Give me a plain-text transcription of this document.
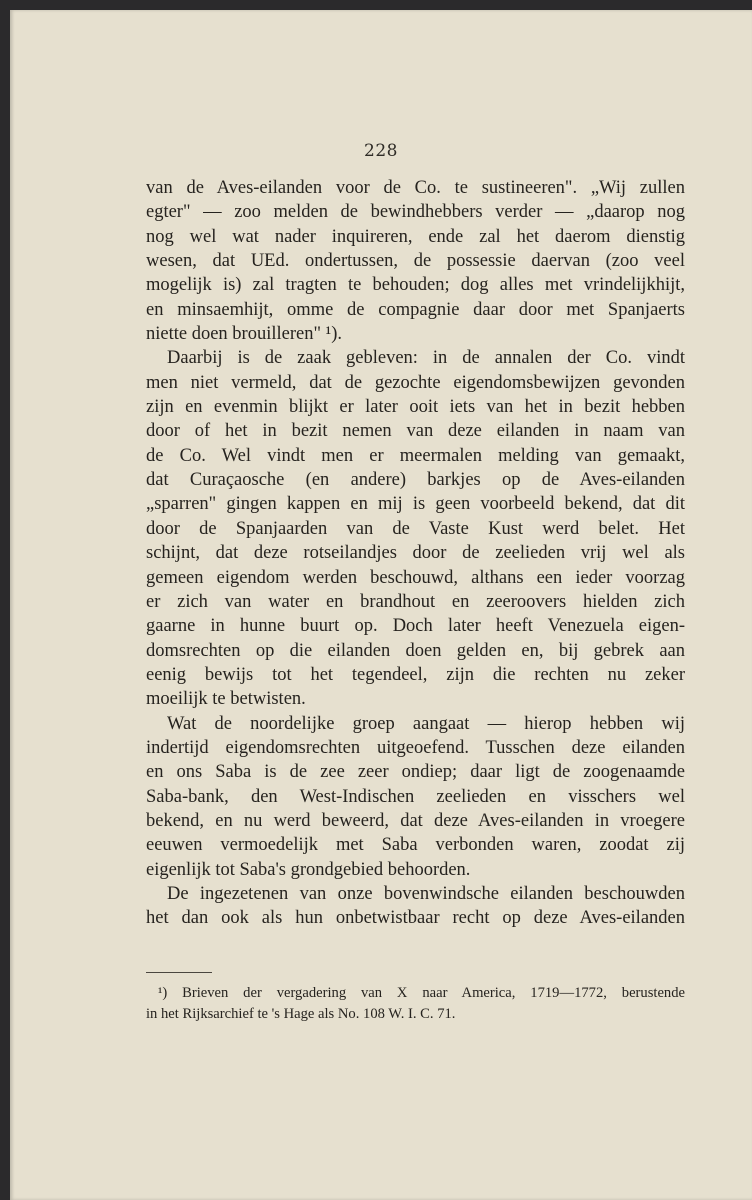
228
van de Aves-eilanden voor de Co. te sustineeren". „Wij zullen
egter" — zoo melden de bewindhebbers verder — „daarop nog
nog wel wat nader inquireren, ende zal het daerom dienstig
wesen, dat UEd. ondertussen, de possessie daervan (zoo veel
mogelijk is) zal tragten te behouden; dog alles met vrindelijkhijt,
en minsaemhijt, omme de compagnie daar door met Spanjaerts
niette doen brouilleren" ¹).
Daarbij is de zaak gebleven: in de annalen der Co. vindt
men niet vermeld, dat de gezochte eigendomsbewijzen gevonden
zijn en evenmin blijkt er later ooit iets van het in bezit hebben
door of het in bezit nemen van deze eilanden in naam van
de Co. Wel vindt men er meermalen melding van gemaakt,
dat Curaçaosche (en andere) barkjes op de Aves-eilanden
„sparren" gingen kappen en mij is geen voorbeeld bekend, dat dit
door de Spanjaarden van de Vaste Kust werd belet. Het
schijnt, dat deze rotseilandjes door de zeelieden vrij wel als
gemeen eigendom werden beschouwd, althans een ieder voorzag
er zich van water en brandhout en zeeroovers hielden zich
gaarne in hunne buurt op. Doch later heeft Venezuela eigen-
domsrechten op die eilanden doen gelden en, bij gebrek aan
eenig bewijs tot het tegendeel, zijn die rechten nu zeker
moeilijk te betwisten.
Wat de noordelijke groep aangaat — hierop hebben wij
indertijd eigendomsrechten uitgeoefend. Tusschen deze eilanden
en ons Saba is de zee zeer ondiep; daar ligt de zoogenaamde
Saba-bank, den West-Indischen zeelieden en visschers wel
bekend, en nu werd beweerd, dat deze Aves-eilanden in vroegere
eeuwen vermoedelijk met Saba verbonden waren, zoodat zij
eigenlijk tot Saba's grondgebied behoorden.
De ingezetenen van onze bovenwindsche eilanden beschouwden
het dan ook als hun onbetwistbaar recht op deze Aves-eilanden
¹) Brieven der vergadering van X naar America, 1719—1772, berustende
in het Rijksarchief te 's Hage als No. 108 W. I. C. 71.
